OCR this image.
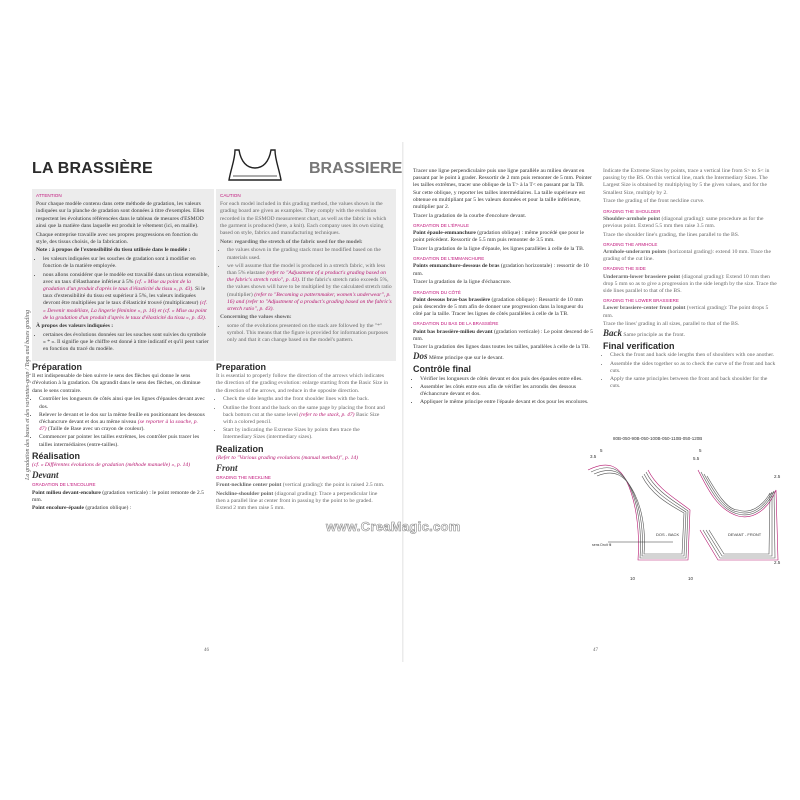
La gradation des bases et des variantes-grap / Tops and bases grading
LA BRASSIÈRE	BRASSIERE
ATTENTION

Pour chaque modèle contenu dans cette méthode de gradation, les valeurs indiquées sur la planche de gradation sont données à titre d'exemples. Elles respectent les évolutions référencées dans le tableau de mesures d'ESMOD ainsi que la matière dans laquelle est produit le vêtement (ici, en maille).

Chaque entreprise travaille avec ses propres progressions en fonction du style, des tissus choisis, de la fabrication.

Note : à propos de l'extensibilité du tissu utilisée dans le modèle :

• les valeurs indiquées sur les souches de gradation sont à modifier en fonction de la matière employée.
• nous allons considérer que le modèle est travaillé dans un tissu extensible, avec un taux d'élasthanne inférieur à 5% (cf. « Mise au point de la gradation d'un produit d'après le taux d'élasticité du tissu », p. 43). Si le taux d'extensibilité du tissu est supérieur à 5%, les valeurs indiquées devront être multipliées par le taux d'élasticité trouvé (multiplicateur) (cf. « Devenir modéliste, La lingerie féminine », p. 16) et (cf. « Mise au point de la gradation d'un produit d'après le taux d'élasticité du tissu », p. 43).

À propos des valeurs indiquées :

• certaines des évolutions données sur les souches sont suivies du symbole « * ». Il signifie que le chiffre est donné à titre indicatif et qu'il peut varier en fonction du tracé du modèle.
CAUTION

For each model included in this grading method, the values shown in the grading board are given as examples. They comply with the evolution recorded in the ESMOD measurement chart, as well as the fabric in which the garment is produced (here, a knit). Each company uses its own sizing based on style, fabrics and manufacturing techniques.

Note: regarding the stretch of the fabric used for the model:

• the values shown in the grading stack must be modified based on the materials used.
• we will assume that the model is produced in a stretch fabric, with less than 5% elastane (refer to "Adjustment of a product's grading based on the fabric's stretch ratio", p. 43). If the fabric's stretch ratio exceeds 5%, the values shown will have to be multiplied by the calculated stretch ratio (multiplier) (refer to "Becoming a patternmaker, women's underwear", p. 16) and (refer to "Adjustment of a product's grading based on the fabric's stretch ratio", p. 43).

Concerning the values shown:

• some of the evolutions presented on the stack are followed by the "*" symbol. This means that the figure is provided for information purposes only and that it can change based on the model's pattern.
Préparation

Il est indispensable de bien suivre le sens des flèches qui donne le sens d'évolution à la gradation. On agrandit dans le sens des flèches, on diminue dans le sens contraire.

• Contrôler les longueurs de côtés ainsi que les lignes d'épaules devant avec dos.
• Relever le devant et le dos sur la même feuille en positionnant les dessous d'échancrure devant et dos au même niveau (se reporter à la souche, p. 47) (Taille de Base avec un crayon de couleur).
• Commencer par pointer les tailles extrêmes, les contrôler puis tracer les tailles intermédiaires (entre-tailles).
Réalisation

(cf. « Différentes évolutions de gradation (méthode manuelle) », p. 14)

Devant
GRADATION DE L'ENCOLURE

Point milieu devant-encolure (gradation verticale) : le point remonte de 2.5 mm.

Point encolure-épaule (gradation oblique) :

Preparation

It is essential to properly follow the direction of the arrows which indicates the direction of the grading evolution: enlarge starting from the Basic Size in the direction of the arrows, and reduce in the opposite direction.

• Check the side lengths and the front shoulder lines with the back.
• Outline the front and the back on the same page by placing the front and back bottom cut at the same level (refer to the stack, p. 47) Basic Size with a colored pencil.
• Start by indicating the Extreme Sizes by points then trace the Intermediary Sizes (intermediary sizes).
Realization

(Refer to "Various grading evolutions (manual method)", p. 14)

Front
GRADING THE NECKLINE

Front-neckline center point (vertical grading): the point is raised 2.5 mm.

Neckline-shoulder point (diagonal grading): Trace a perpendicular line then a parallel line at center front in passing by the point to be graded. Extend 2 mm then raise 5 mm.

46

Tracer une ligne perpendiculaire puis une ligne parallèle au milieu devant en passant par le point à grader. Ressortir de 2 mm puis remonter de 5 mm. Pointer les tailles extrêmes, tracer une oblique de la T> à la T< en passant par la TB. Sur cette oblique, y reporter les tailles intermédiaires. La taille supérieure est obtenue en multipliant par 5 les valeurs données et pour la taille inférieure, multiplier par 2.

Tracer la gradation de la courbe d'encolure devant.

GRADATION DE L'ÉPAULE

Point épaule-emmanchure (gradation oblique) : même procédé que pour le point précédent. Ressortir de 5.5 mm puis remonter de 3.5 mm.

Tracer la gradation de la ligne d'épaule, les lignes parallèles à celle de la TB.

GRADATION DE L'EMMANCHURE

Points emmanchure-dessous de bras (gradation horizontale) : ressortir de 10 mm.

Tracer la gradation de la ligne d'échancrure.

GRADATION DU CÔTÉ

Point dessous bras-bas brassière (gradation oblique) : Ressortir de 10 mm puis descendre de 5 mm afin de donner une progression dans la longueur du côté par la taille. Tracer les lignes de côtés parallèles à celle de la TB.

GRADATION DU BAS DE LA BRASSIÈRE

Point bas brassière-milieu devant (gradation verticale) : Le point descend de 5 mm.

Tracer la gradation des lignes dans toutes les tailles, parallèles à celle de la TB.

Dos Même principe que sur le devant.

Contrôle final
• Vérifier les longueurs de côtés devant et dos puis des épaules entre elles.
• Assembler les côtés entre eux afin de vérifier les arrondis des dessous d'échancrure devant et dos.
• Appliquer le même principe entre l'épaule devant et dos pour les encolures.

Indicate the Extreme Sizes by points, trace a vertical line from S> to S< in passing by the BS. On this vertical line, mark the Intermediary Sizes. The Largest Size is obtained by multiplying by 5 the given values, and for the Smallest Size, multiply by 2.

Trace the grading of the front neckline curve.

GRADING THE SHOULDER

Shoulder-armhole point (diagonal grading): same procedure as for the previous point. Extend 5.5 mm then raise 3.5 mm.

Trace the shoulder line's grading, the lines parallel to the BS.

GRADING THE ARMHOLE

Armhole-underarm points (horizontal grading): extend 10 mm. Trace the grading of the cut line.

GRADING THE SIDE

Underarm-lower brassiere point (diagonal grading): Extend 10 mm then drop 5 mm so as to give a progression in the side length by the size. Trace the side lines parallel to that of the BS.

GRADING THE LOWER BRASSIERE

Lower brassiere-center front point (vertical grading): The point drops 5 mm.

Trace the lines' grading in all sizes, parallel to that of the BS.

Back Same principle as the front.

Final verification
• Check the front and back side lengths then of shoulders with one another.
• Assemble the sides together so as to check the curve of the front and back cuts.
• Apply the same principles between the front and back shoulder for the cuts.
80B-050-90B-050-100B-050-110B-050-120B
sens Droit fil
DOS - BACK	DEVANT - FRONT
3.5
5
5.5
5
2.5
2.5
10	10
47
www.CreaMagic.com
